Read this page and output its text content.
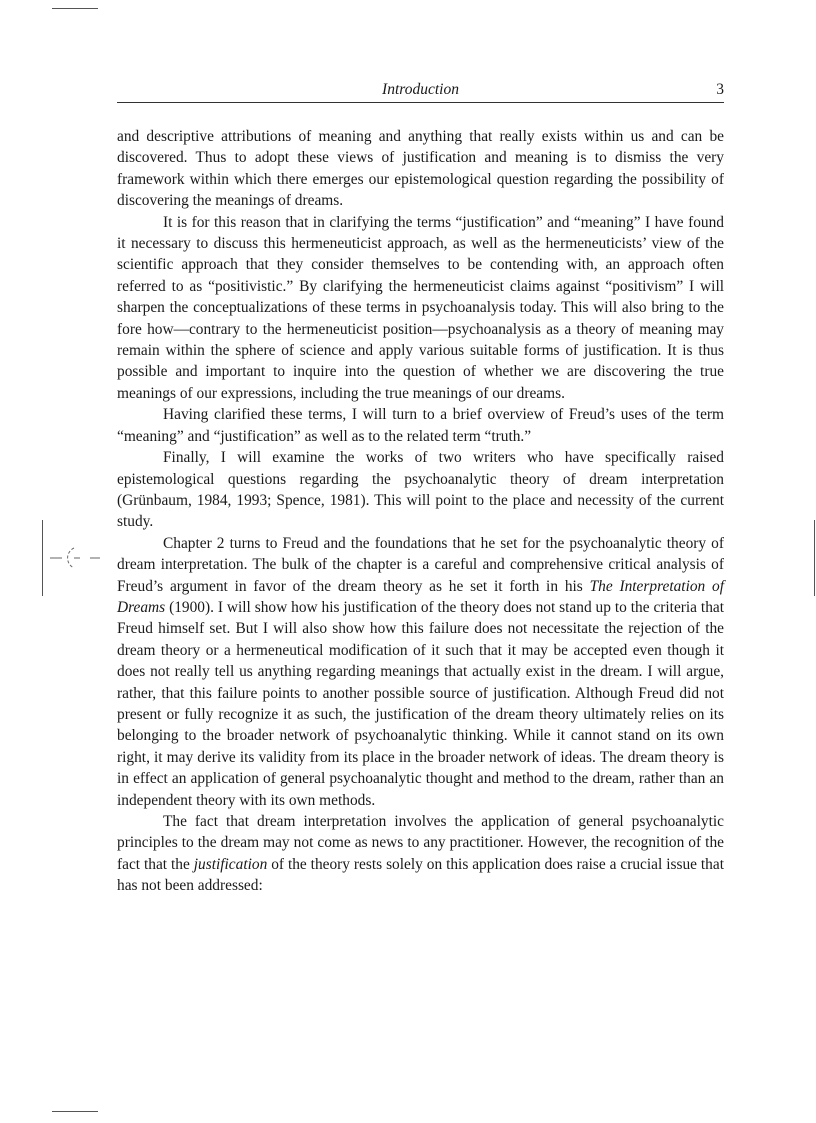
Introduction	3

and descriptive attributions of meaning and anything that really exists within us and can be discovered. Thus to adopt these views of justification and meaning is to dismiss the very framework within which there emerges our epistemological question regarding the possibility of discovering the meanings of dreams.

It is for this reason that in clarifying the terms “justification” and “meaning” I have found it necessary to discuss this hermeneuticist approach, as well as the hermeneuticists’ view of the scientific approach that they consider themselves to be contending with, an approach often referred to as “positivistic.” By clarifying the hermeneuticist claims against “positivism” I will sharpen the conceptualizations of these terms in psychoanalysis today. This will also bring to the fore how—contrary to the hermeneuticist position—psychoanalysis as a theory of meaning may remain within the sphere of science and apply various suitable forms of justification. It is thus possible and important to inquire into the question of whether we are discovering the true meanings of our expressions, including the true meanings of our dreams.

Having clarified these terms, I will turn to a brief overview of Freud’s uses of the term “meaning” and “justification” as well as to the related term “truth.”

Finally, I will examine the works of two writers who have specifically raised epistemological questions regarding the psychoanalytic theory of dream interpretation (Grünbaum, 1984, 1993; Spence, 1981). This will point to the place and necessity of the current study.

Chapter 2 turns to Freud and the foundations that he set for the psychoanalytic theory of dream interpretation. The bulk of the chapter is a careful and comprehensive critical analysis of Freud’s argument in favor of the dream theory as he set it forth in his The Interpretation of Dreams (1900). I will show how his justification of the theory does not stand up to the criteria that Freud himself set. But I will also show how this failure does not necessitate the rejection of the dream theory or a hermeneutical modification of it such that it may be accepted even though it does not really tell us anything regarding meanings that actually exist in the dream. I will argue, rather, that this failure points to another possible source of justification. Although Freud did not present or fully recognize it as such, the justification of the dream theory ultimately relies on its belonging to the broader network of psychoanalytic thinking. While it cannot stand on its own right, it may derive its validity from its place in the broader network of ideas. The dream theory is in effect an application of general psychoanalytic thought and method to the dream, rather than an independent theory with its own methods.

The fact that dream interpretation involves the application of general psychoanalytic principles to the dream may not come as news to any practitioner. However, the recognition of the fact that the justification of the theory rests solely on this application does raise a crucial issue that has not been addressed:
